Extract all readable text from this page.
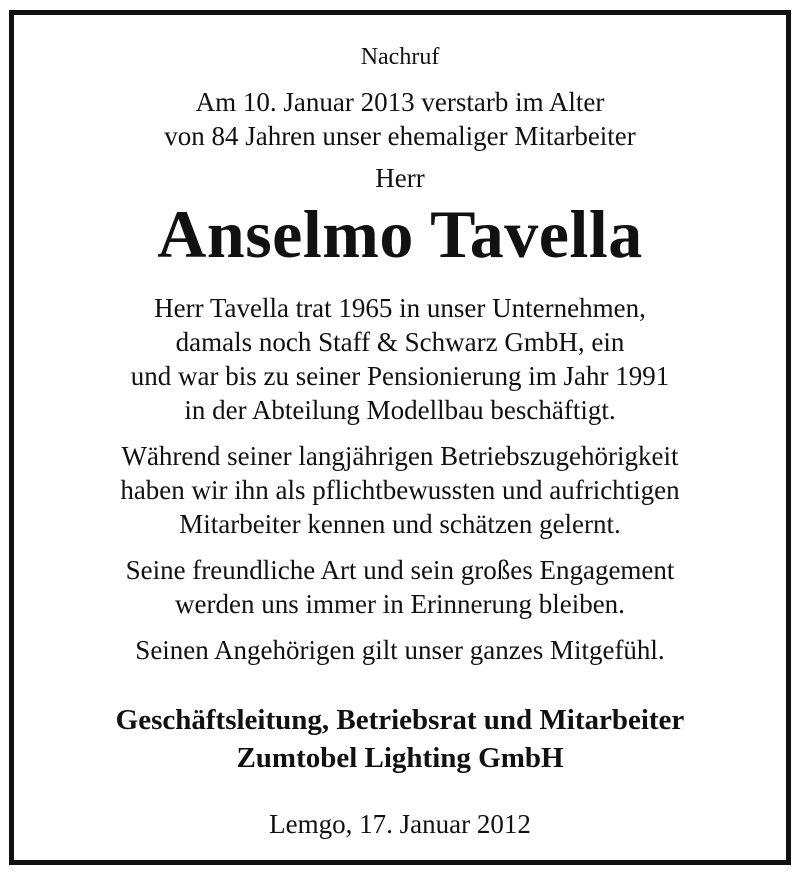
Nachruf
Am 10. Januar 2013 verstarb im Alter
von 84 Jahren unser ehemaliger Mitarbeiter
Herr
Anselmo Tavella
Herr Tavella trat 1965 in unser Unternehmen,
damals noch Staff & Schwarz GmbH, ein
und war bis zu seiner Pensionierung im Jahr 1991
in der Abteilung Modellbau beschäftigt.
Während seiner langjährigen Betriebszugehörigkeit
haben wir ihn als pflichtbewussten und aufrichtigen
Mitarbeiter kennen und schätzen gelernt.
Seine freundliche Art und sein großes Engagement
werden uns immer in Erinnerung bleiben.
Seinen Angehörigen gilt unser ganzes Mitgefühl.
Geschäftsleitung, Betriebsrat und Mitarbeiter
Zumtobel Lighting GmbH
Lemgo, 17. Januar 2012
